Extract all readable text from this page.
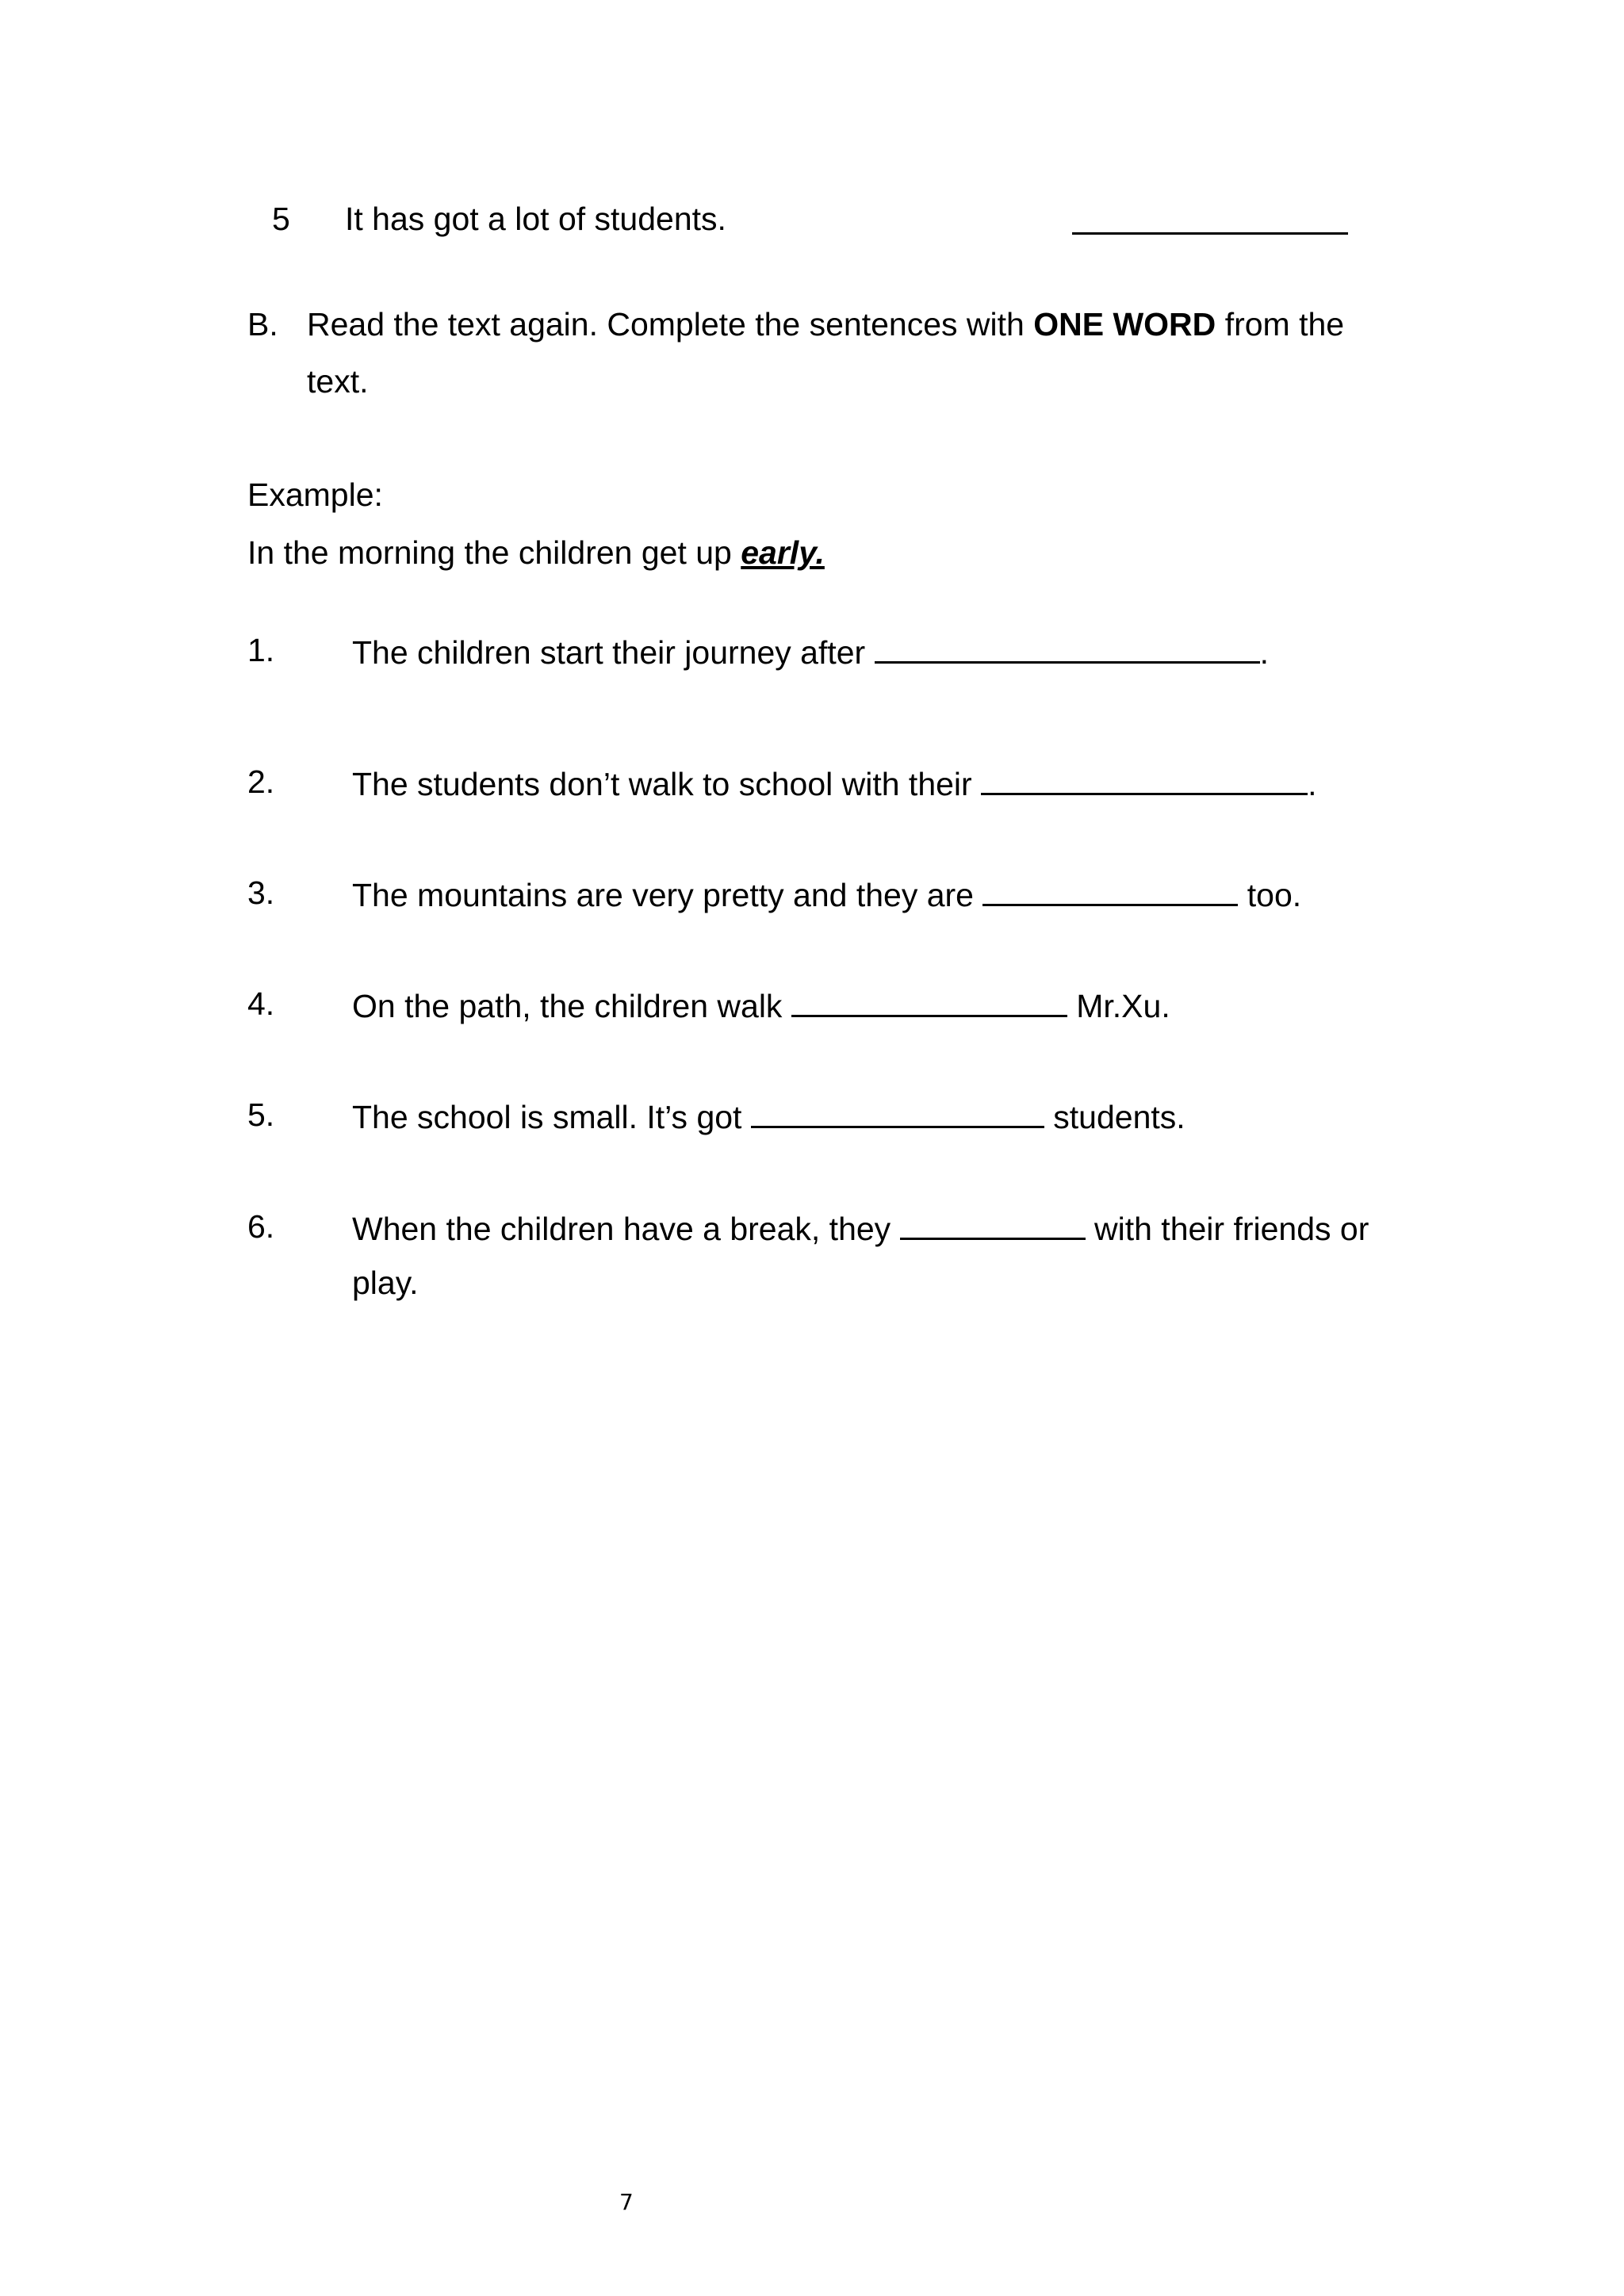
5 It has got a lot of students.
B. Read the text again. Complete the sentences with ONE WORD from the
text.
Example:
In the morning the children get up early.
1. The children start their journey after	.
2. The students don’t walk to school with their	.
3. The mountains are very pretty and they are	too.
4. On the path, the children walk	Mr.Xu.
5. The school is small. It’s got	students.
6. When the children have a break, they	with their friends or
play.
7
